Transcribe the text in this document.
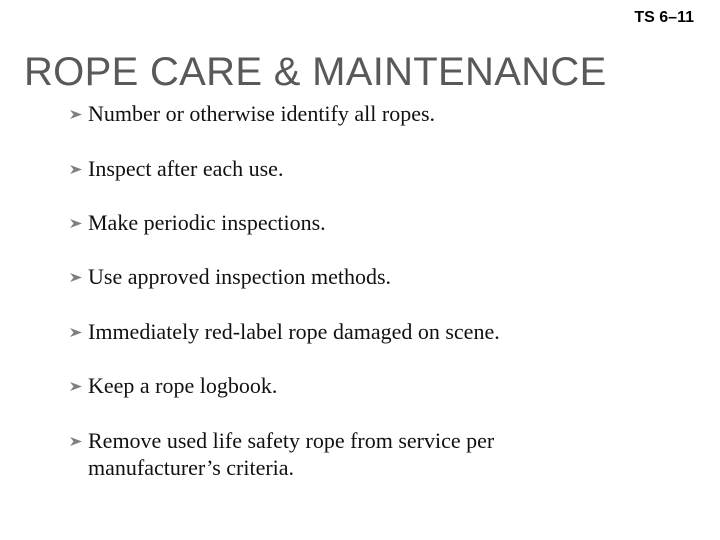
TS 6–11
ROPE CARE & MAINTENANCE
Number or otherwise identify all ropes.
Inspect after each use.
Make periodic inspections.
Use approved inspection methods.
Immediately red-label rope damaged on scene.
Keep a rope logbook.
Remove used life safety rope from service per manufacturer’s criteria.
